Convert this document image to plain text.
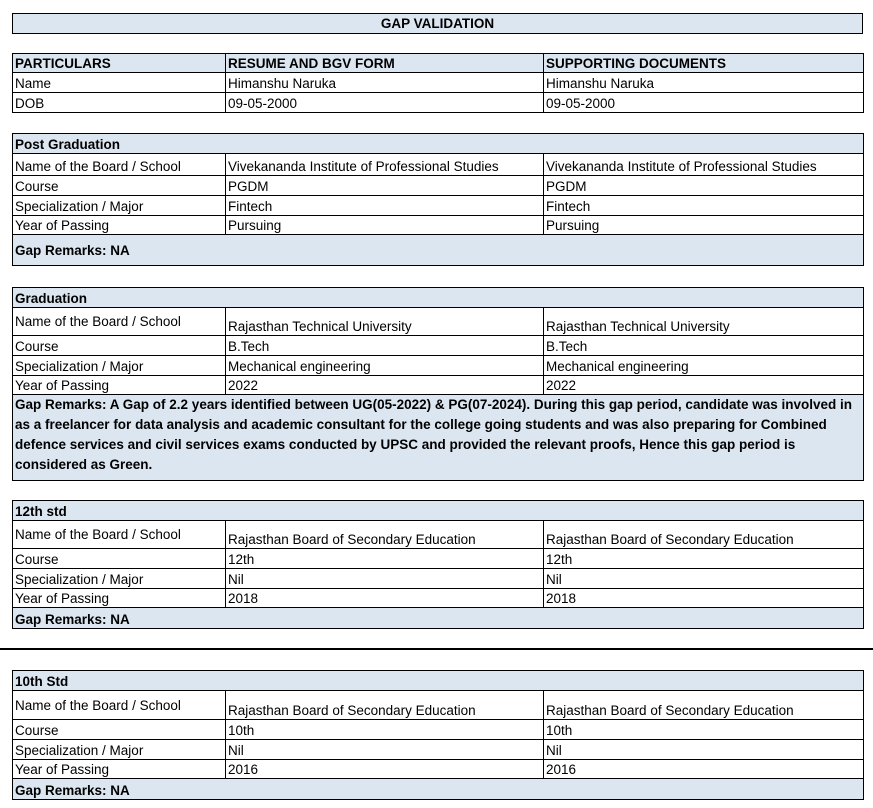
GAP VALIDATION
PARTICULARS	RESUME AND BGV FORM	SUPPORTING DOCUMENTS
Name	Himanshu Naruka	Himanshu Naruka
DOB	09-05-2000	09-05-2000
Post Graduation		
Name of the Board / School	Vivekananda Institute of Professional Studies	Vivekananda Institute of Professional Studies
Course	PGDM	PGDM
Specialization / Major	Fintech	Fintech
Year of Passing	Pursuing	Pursuing
Gap Remarks: NA		
Graduation		
Name of the Board / School	Rajasthan Technical University	Rajasthan Technical University
Course	B.Tech	B.Tech
Specialization / Major	Mechanical engineering	Mechanical engineering
Year of Passing	2022	2022
Gap Remarks: A Gap of 2.2 years identified between UG(05-2022) & PG(07-2024). During this gap period, candidate was involved in as a freelancer for data analysis and academic consultant for the college going students and was also preparing for Combined defence services and civil services exams conducted by UPSC and provided the relevant proofs, Hence this gap period is considered as Green.		
12th std		
Name of the Board / School	Rajasthan Board of Secondary Education	Rajasthan Board of Secondary Education
Course	12th	12th
Specialization / Major	Nil	Nil
Year of Passing	2018	2018
Gap Remarks: NA		
10th Std		
Name of the Board / School	Rajasthan Board of Secondary Education	Rajasthan Board of Secondary Education
Course	10th	10th
Specialization / Major	Nil	Nil
Year of Passing	2016	2016
Gap Remarks: NA		
